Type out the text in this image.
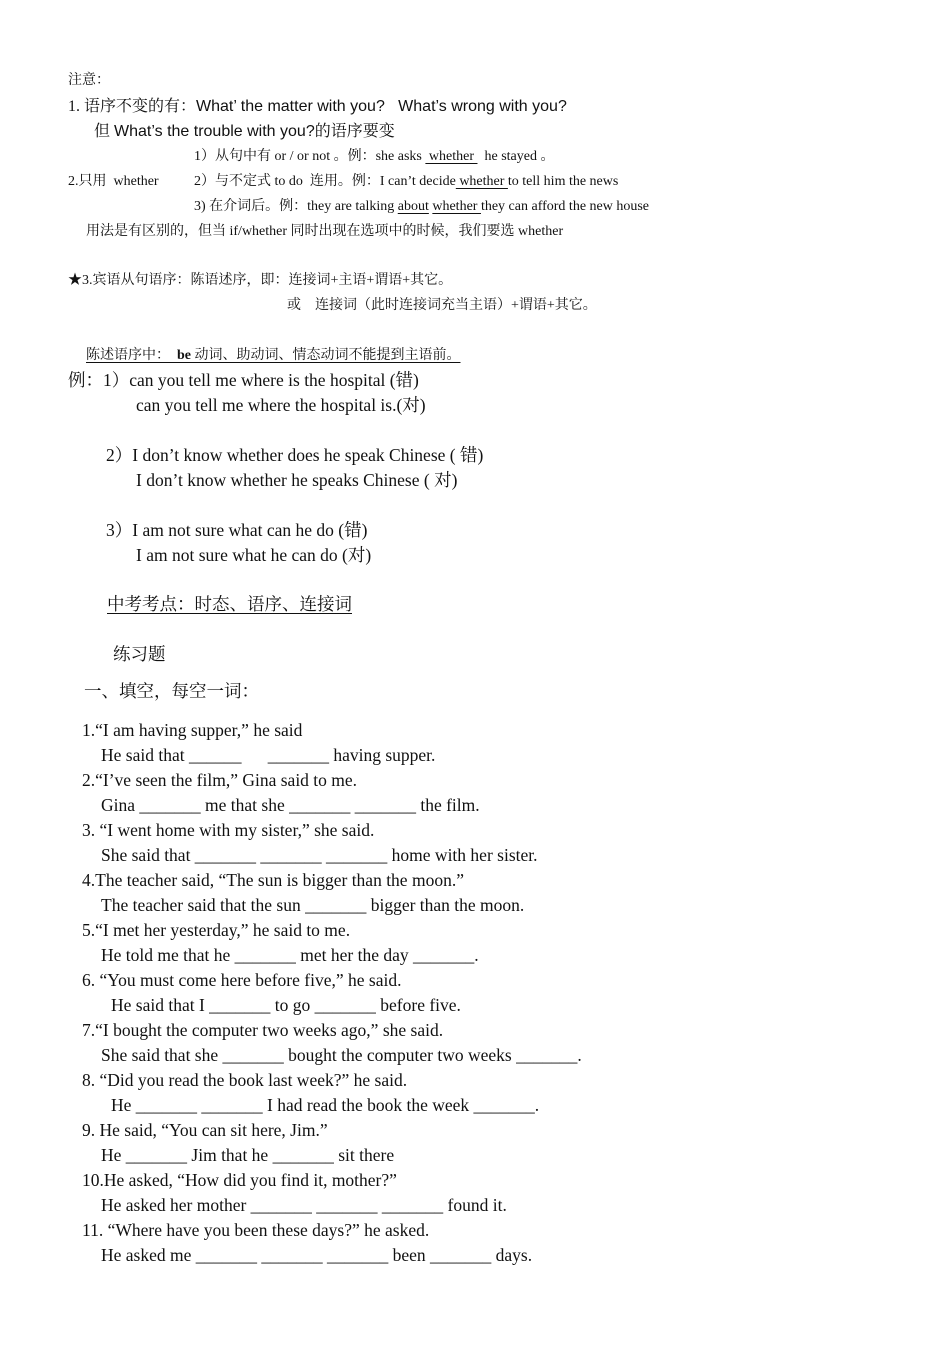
注意：
1. 语序不变的有：What’ the matter with you?   What’s wrong with you?
但 What’s the trouble with you?的语序要变
1）从句中有 or / or not 。例：she asks  whether   he stayed 。
2.只用  whether	2）与不定式 to do  连用。例：I can’t decide whether to tell him the news
3) 在介词后。例：they are talking about whether they can afford the new house
用法是有区别的，但当 if/whether 同时出现在选项中的时候，我们要选 whether
★3.宾语从句语序：陈语述序，即：连接词+主语+谓语+其它。
或    连接词（此时连接词充当主语）+谓语+其它。
陈述语序中：  be 动词、助动词、情态动词不能提到主语前。
例：1）can you tell me where is the hospital (错)
can you tell me where the hospital is.(对)
2）I don’t know whether does he speak Chinese ( 错)
I don’t know whether he speaks Chinese ( 对)
3）I am not sure what can he do (错)
I am not sure what he can do (对)
中考考点：时态、语序、连接词
练习题
一、填空，每空一词：
1.“I am having supper,” he said
He said that ______      _______ having supper.
2.“I’ve seen the film,” Gina said to me.
Gina _______ me that she _______ _______ the film.
3. “I went home with my sister,” she said.
She said that _______ _______ _______ home with her sister.
4.The teacher said, “The sun is bigger than the moon.”
The teacher said that the sun _______ bigger than the moon.
5.“I met her yesterday,” he said to me.
He told me that he _______ met her the day _______.
6. “You must come here before five,” he said.
He said that I _______ to go _______ before five.
7.“I bought the computer two weeks ago,” she said.
She said that she _______ bought the computer two weeks _______.
8. “Did you read the book last week?” he said.
He _______ _______ I had read the book the week _______.
9. He said, “You can sit here, Jim.”
He _______ Jim that he _______ sit there
10.He asked, “How did you find it, mother?”
He asked her mother _______ _______ _______ found it.
11. “Where have you been these days?” he asked.
He asked me _______ _______ _______ been _______ days.
